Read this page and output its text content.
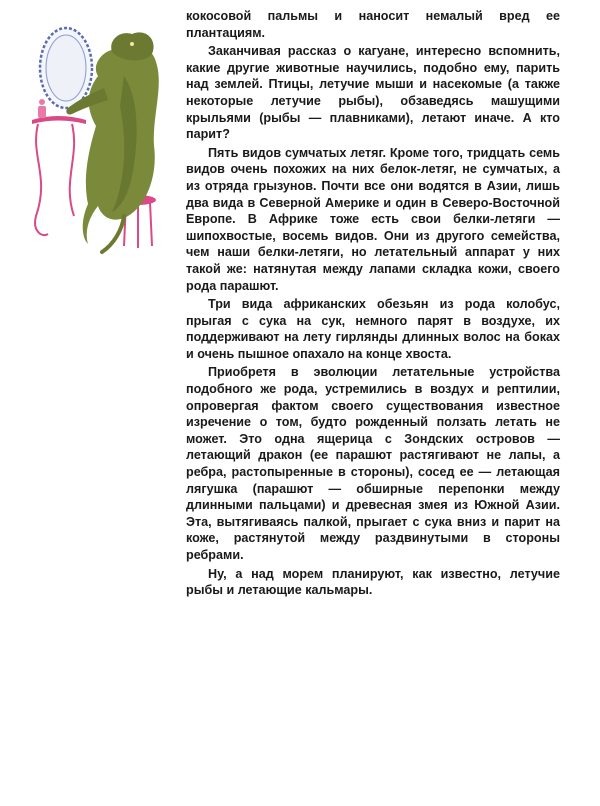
кокосовой пальмы и наносит немалый вред ее плантациям.

Заканчивая рассказ о кагуане, интересно вспомнить, какие другие животные научились, подобно ему, парить над землей. Птицы, летучие мыши и насекомые (а также некоторые летучие рыбы), обзаведясь машущими крыльями (рыбы — плавниками), летают иначе. А кто парит?

Пять видов сумчатых летяг. Кроме того, тридцать семь видов очень похожих на них белок-летяг, не сумчатых, а из отряда грызунов. Почти все они водятся в Азии, лишь два вида в Северной Америке и один в Северо-Восточной Европе. В Африке тоже есть свои белки-летяги — шипохвостые, восемь видов. Они из другого семейства, чем наши белки-летяги, но летательный аппарат у них такой же: натянутая между лапами складка кожи, своего рода парашют.

Три вида африканских обезьян из рода колобус, прыгая с сука на сук, немного парят в воздухе, их поддерживают на лету гирлянды длинных волос на боках и очень пышное опахало на конце хвоста.

Приобретя в эволюции летательные устройства подобного же рода, устремились в воздух и рептилии, опровергая фактом своего существования известное изречение о том, будто рожденный ползать летать не может. Это одна ящерица с Зондских островов — летающий дракон (ее парашют растягивают не лапы, а ребра, растопыренные в стороны), сосед ее — летающая лягушка (парашют — обширные перепонки между длинными пальцами) и древесная змея из Южной Азии. Эта, вытягиваясь палкой, прыгает с сука вниз и парит на коже, растянутой между раздвинутыми в стороны ребрами.

Ну, а над морем планируют, как известно, летучие рыбы и летающие кальмары.
